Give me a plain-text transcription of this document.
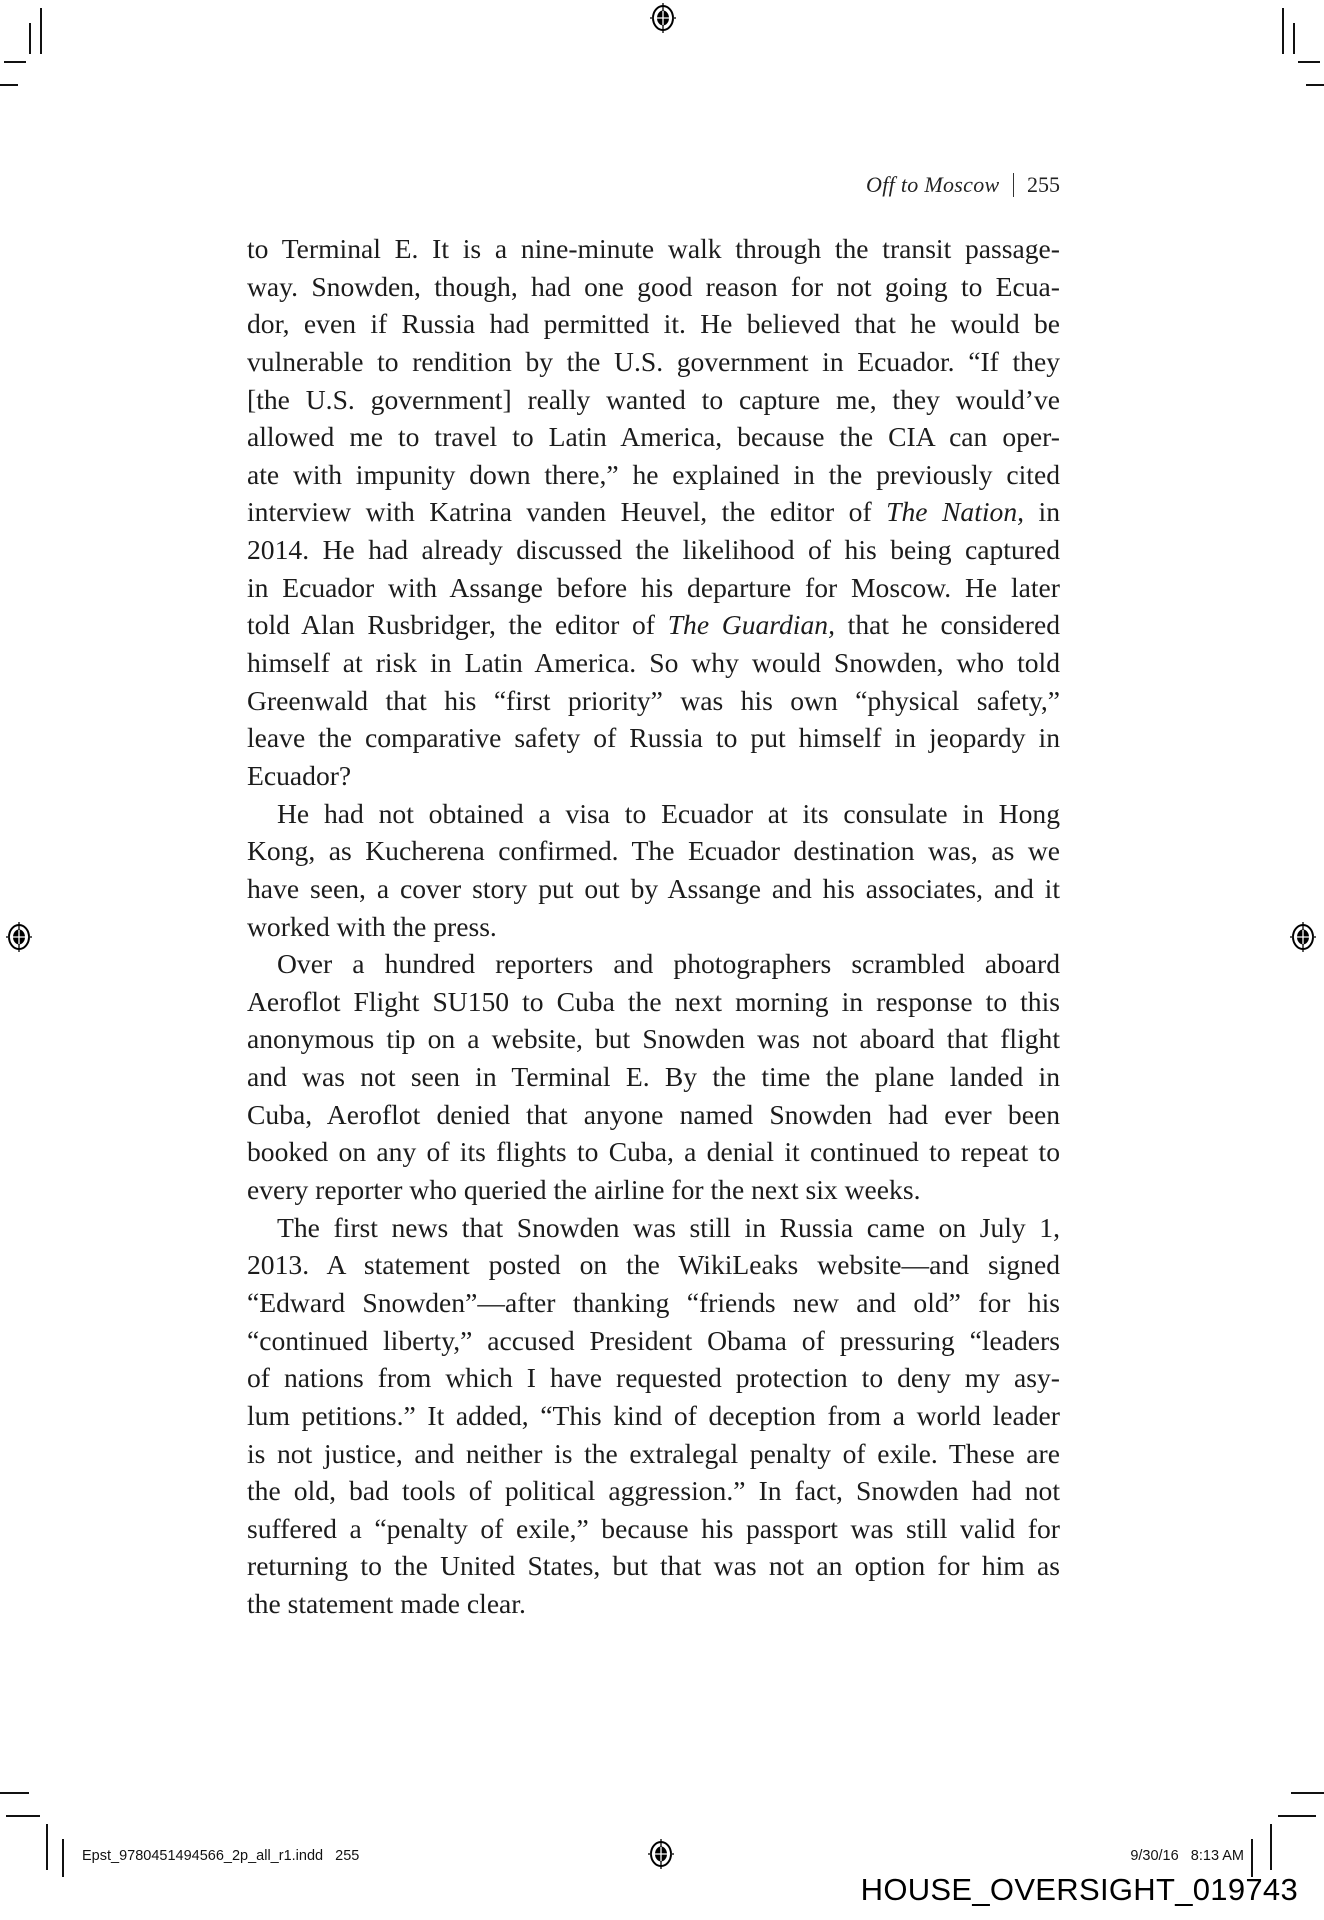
Off to Moscow 255
to Terminal E. It is a nine-minute walk through the transit passage-
way. Snowden, though, had one good reason for not going to Ecua-
dor, even if Russia had permitted it. He believed that he would be
vulnerable to rendition by the U.S. government in Ecuador. “If they
[the U.S. government] really wanted to capture me, they would’ve
allowed me to travel to Latin America, because the CIA can oper-
ate with impunity down there,” he explained in the previously cited
interview with Katrina vanden Heuvel, the editor of The Nation, in
2014. He had already discussed the likelihood of his being captured
in Ecuador with Assange before his departure for Moscow. He later
told Alan Rusbridger, the editor of The Guardian, that he considered
himself at risk in Latin America. So why would Snowden, who told
Greenwald that his “first priority” was his own “physical safety,”
leave the comparative safety of Russia to put himself in jeopardy in
Ecuador?
He had not obtained a visa to Ecuador at its consulate in Hong
Kong, as Kucherena confirmed. The Ecuador destination was, as we
have seen, a cover story put out by Assange and his associates, and it
worked with the press.
Over a hundred reporters and photographers scrambled aboard
Aeroflot Flight SU150 to Cuba the next morning in response to this
anonymous tip on a website, but Snowden was not aboard that flight
and was not seen in Terminal E. By the time the plane landed in
Cuba, Aeroflot denied that anyone named Snowden had ever been
booked on any of its flights to Cuba, a denial it continued to repeat to
every reporter who queried the airline for the next six weeks.
The first news that Snowden was still in Russia came on July 1,
2013. A statement posted on the WikiLeaks website—and signed
“Edward Snowden”—after thanking “friends new and old” for his
“continued liberty,” accused President Obama of pressuring “leaders
of nations from which I have requested protection to deny my asy-
lum petitions.” It added, “This kind of deception from a world leader
is not justice, and neither is the extralegal penalty of exile. These are
the old, bad tools of political aggression.” In fact, Snowden had not
suffered a “penalty of exile,” because his passport was still valid for
returning to the United States, but that was not an option for him as
the statement made clear.
Epst_9780451494566_2p_all_r1.indd 255	9/30/16 8:13 AM
HOUSE_OVERSIGHT_019743
